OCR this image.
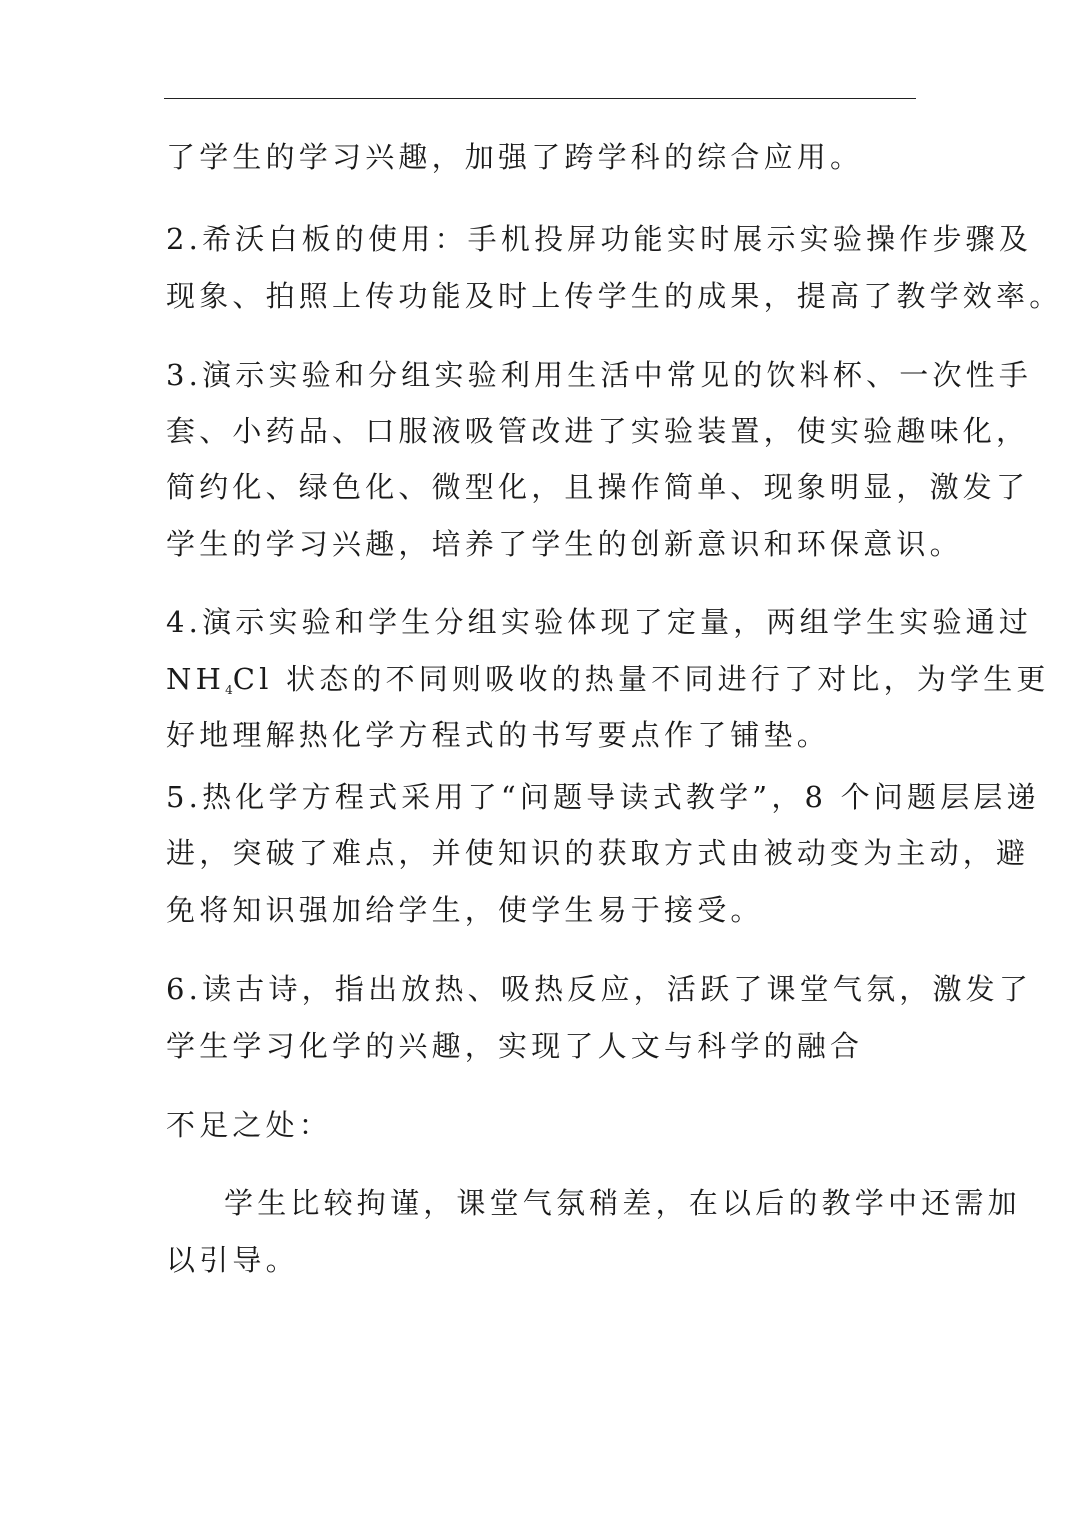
了学生的学习兴趣，加强了跨学科的综合应用。
2.希沃白板的使用：手机投屏功能实时展示实验操作步骤及
现象、拍照上传功能及时上传学生的成果，提高了教学效率。
3.演示实验和分组实验利用生活中常见的饮料杯、一次性手
套、小药品、口服液吸管改进了实验装置，使实验趣味化，
简约化、绿色化、微型化，且操作简单、现象明显，激发了
学生的学习兴趣，培养了学生的创新意识和环保意识。
4.演示实验和学生分组实验体现了定量，两组学生实验通过
$NH_4Cl$ 状态的不同则吸收的热量不同进行了对比，为学生更
好地理解热化学方程式的书写要点作了铺垫。
5.热化学方程式采用了“问题导读式教学”，8 个问题层层递
进，突破了难点，并使知识的获取方式由被动变为主动，避
免将知识强加给学生，使学生易于接受。
6.读古诗，指出放热、吸热反应，活跃了课堂气氛，激发了
学生学习化学的兴趣，实现了人文与科学的融合
不足之处：
学生比较拘谨，课堂气氛稍差，在以后的教学中还需加
以引导。
